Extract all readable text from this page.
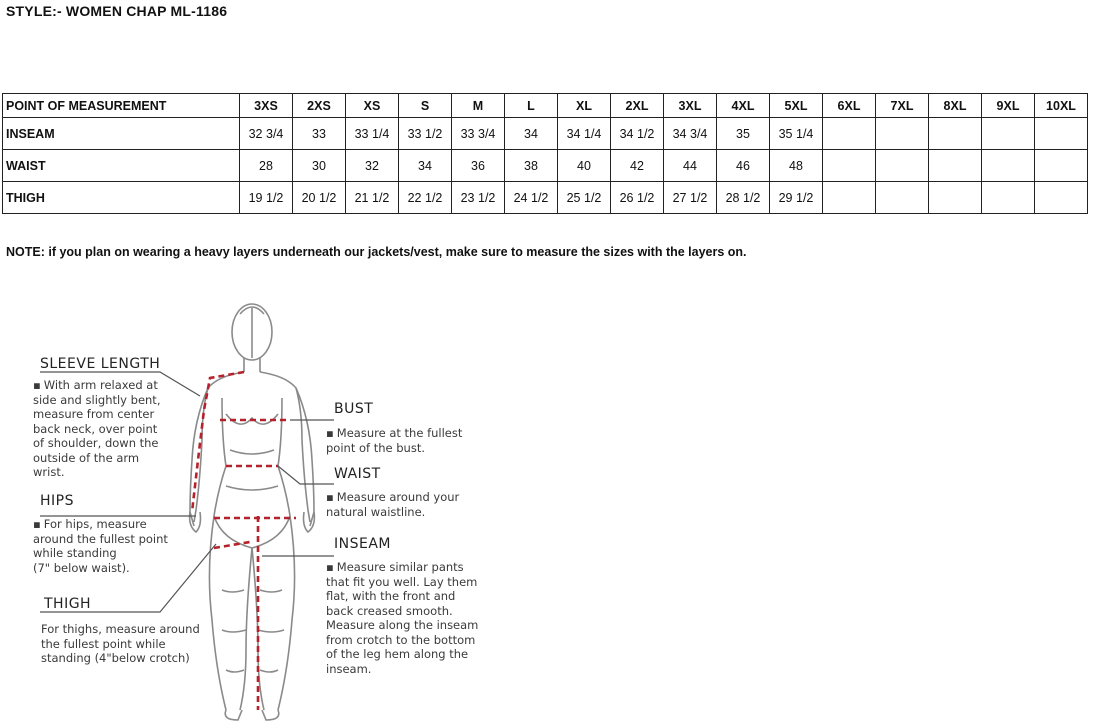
STYLE:- WOMEN CHAP ML-1186
POINT OF MEASUREMENT	3XS	2XS	XS	S	M	L	XL	2XL	3XL	4XL	5XL	6XL	7XL	8XL	9XL	10XL
INSEAM	32 3/4	33	33 1/4	33 1/2	33 3/4	34	34 1/4	34 1/2	34 3/4	35	35 1/4					
WAIST	28	30	32	34	36	38	40	42	44	46	48					
THIGH	19 1/2	20 1/2	21 1/2	22 1/2	23 1/2	24 1/2	25 1/2	26 1/2	27 1/2	28 1/2	29 1/2					
NOTE: if you plan on wearing a heavy layers underneath our jackets/vest, make sure to measure the sizes with the layers on.
SLEEVE LENGTH
▪ With arm relaxed at
side and slightly bent,
measure from center
back neck, over point
of shoulder, down the
outside of the arm
wrist.
HIPS
▪ For hips, measure
around the fullest point
while standing
(7" below waist).
THIGH
For thighs, measure around
the fullest point while
standing (4"below crotch)
BUST
▪ Measure at the fullest
point of the bust.
WAIST
▪ Measure around your
natural waistline.
INSEAM
▪ Measure similar pants
that fit you well. Lay them
flat, with the front and
back creased smooth.
Measure along the inseam
from crotch to the bottom
of the leg hem along the
inseam.
